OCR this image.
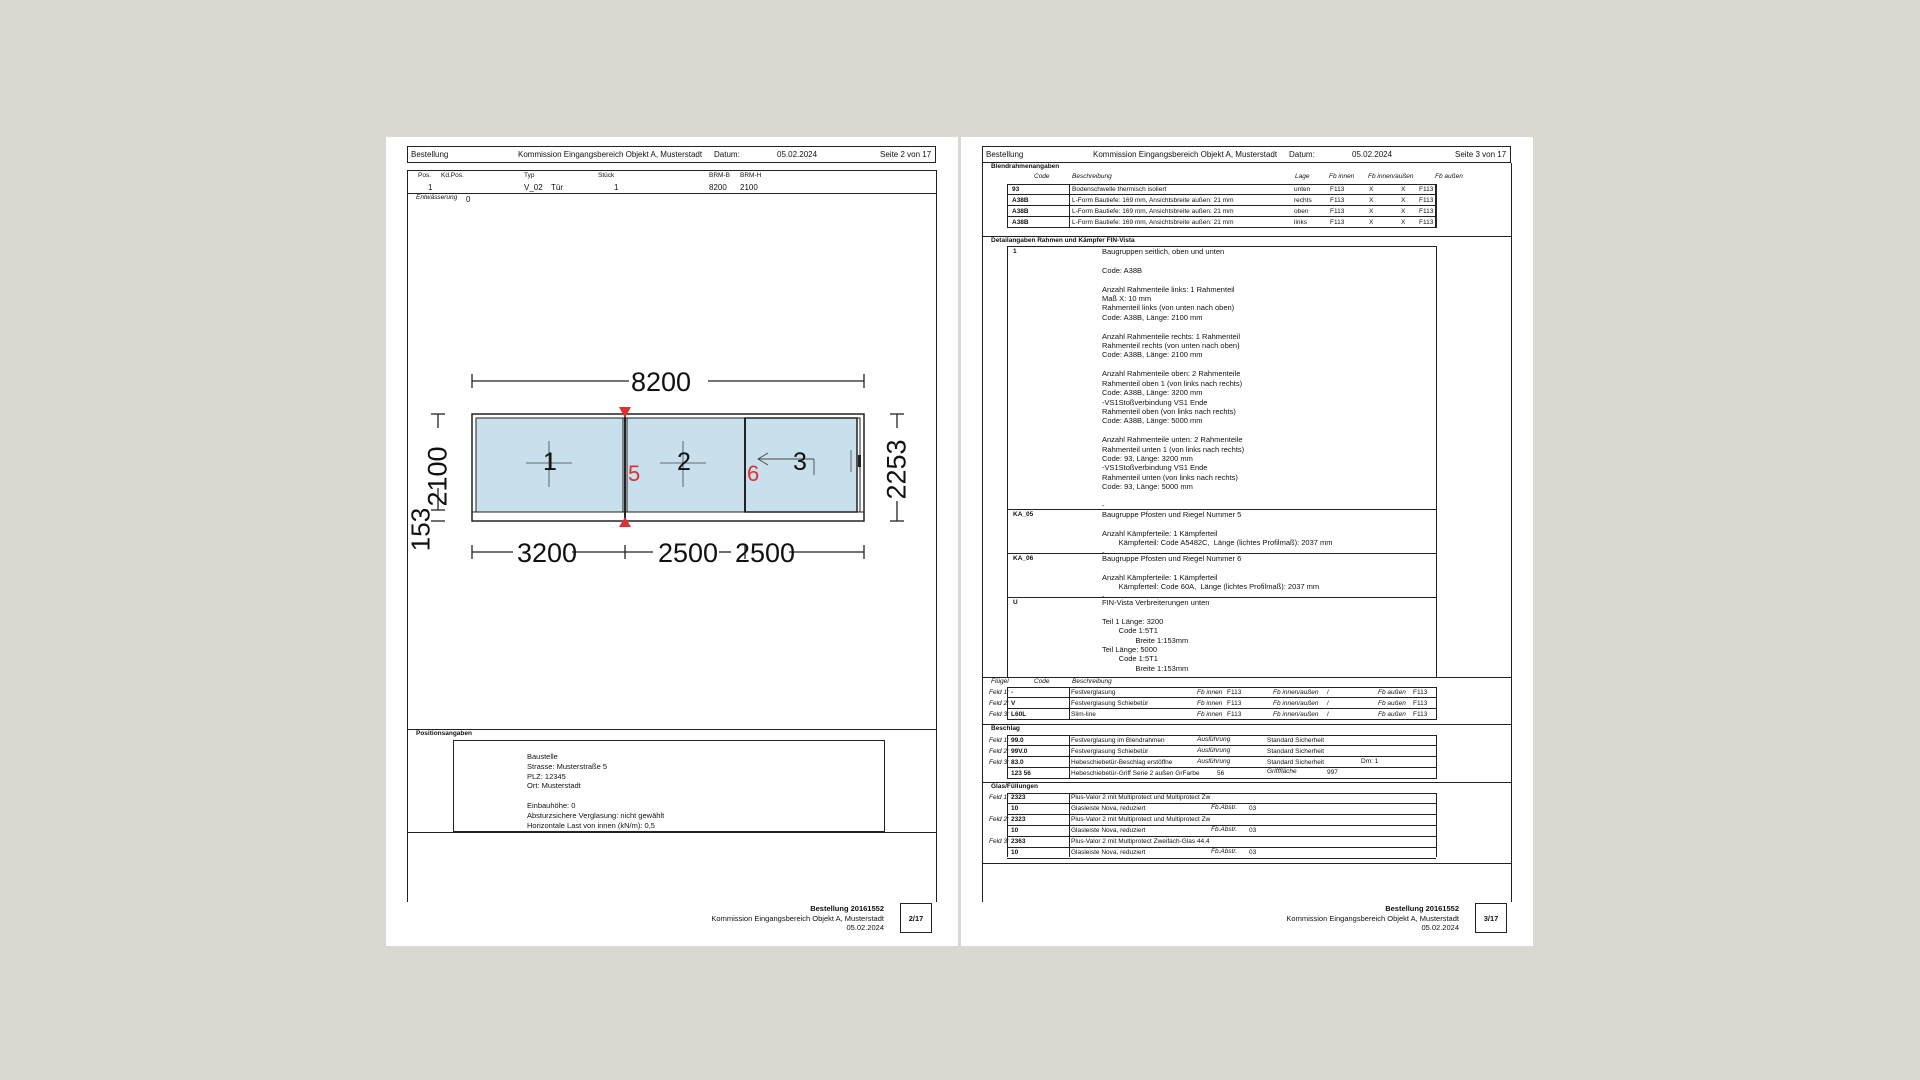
Bestellung	Kommission Eingangsbereich Objekt A, Musterstadt Datum:	05.02.2024	Seite 2 von 17
Pos. Kd.Pos.	Typ	Stück	BRM-B BRM-H
1	V_02 Tür	1	8200 2100
Entwässerung 0
8200
2100
153
2253
3200	2500 2500
1	2	3
5	6
Positionsangaben
Baustelle
Strasse: Musterstraße 5
PLZ: 12345
Ort: Musterstadt
Einbauhöhe: 0
Absturzsichere Verglasung: nicht gewählt
Horizontale Last von innen (kN/m): 0,5
Bestellung 20161552
Kommission Eingangsbereich Objekt A, Musterstadt
05.02.2024
2/17
Bestellung	Kommission Eingangsbereich Objekt A, Musterstadt Datum:	05.02.2024	Seite 3 von 17
Blendrahmenangaben
Code	Beschreibung	Lage	Fb innen Fb innen/außen	Fb außen
93	Bodenschwelle thermisch isoliert	unten	F113	X	X F113
A38B	L-Form Bautiefe: 169 mm, Ansichtsbreite außen: 21 mm	rechts	F113	X	X F113
A38B	L-Form Bautiefe: 169 mm, Ansichtsbreite außen: 21 mm	oben	F113	X	X F113
A38B	L-Form Bautiefe: 169 mm, Ansichtsbreite außen: 21 mm	links	F113	X	X F113
Detailangaben Rahmen und Kämpfer FIN-Vista
1	Baugruppen seitlich, oben und unten

Code: A38B

Anzahl Rahmenteile links: 1 Rahmenteil
Maß X: 10 mm
Rahmenteil links (von unten nach oben)
Code: A38B, Länge: 2100 mm

Anzahl Rahmenteile rechts: 1 Rahmenteil
Rahmenteil rechts (von unten nach oben)
Code: A38B, Länge: 2100 mm

Anzahl Rahmenteile oben: 2 Rahmenteile
Rahmenteil oben 1 (von links nach rechts)
Code: A38B, Länge: 3200 mm
-VS1Stoßverbindung VS1 Ende
Rahmenteil oben (von links nach rechts)
Code: A38B, Länge: 5000 mm

Anzahl Rahmenteile unten: 2 Rahmenteile
Rahmenteil unten 1 (von links nach rechts)
Code: 93, Länge: 3200 mm
-VS1Stoßverbindung VS1 Ende
Rahmenteil unten (von links nach rechts)
Code: 93, Länge: 5000 mm

-
KA_05	Baugruppe Pfosten und Riegel Nummer 5

Anzahl Kämpferteile: 1 Kämpferteil
Kämpferteil: Code A5482C,  Länge (lichtes Profilmaß): 2037 mm
-
KA_06	Baugruppe Pfosten und Riegel Nummer 6

Anzahl Kämpferteile: 1 Kämpferteil
Kämpferteil: Code 60A,  Länge (lichtes Profilmaß): 2037 mm
-
U	FIN-Vista Verbreiterungen unten

Teil 1 Länge: 3200
Code 1:5T1
Breite 1:153mm
Teil Länge: 5000
Code 1:5T1
Breite 1:153mm
Flügel	Code	Beschreibung
Feld 1: -	Festverglasung	Fb innen F113	Fb innen/außen /	Fb außen F113
Feld 2: V	Festverglasung Schiebetür	Fb innen F113	Fb innen/außen /	Fb außen F113
Feld 3: L60L	Slim-line	Fb innen F113	Fb innen/außen /	Fb außen F113
Beschlag
Feld 1: 99.0	Festverglasung im Blendrahmen	Ausführung	Standard Sicherheit
Feld 2: 99V.0	Festverglasung Schiebetür	Ausführung	Standard Sicherheit
Feld 3: 83.0	Hebeschiebetür-Beschlag erstöffne	Ausführung	Standard Sicherheit	Dm: 1
123 56	Hebeschiebetür-Griff Serie 2 außen GrFarbe	56	Grifffläche	997
Glas/Füllungen
Feld 1: 2323	Plus-Valor 2 mit Multiprotect und Multiprotect Zw
10	Glasleiste Nova, reduziert	Fb.Abstr. 03
Feld 2: 2323	Plus-Valor 2 mit Multiprotect und Multiprotect Zw
10	Glasleiste Nova, reduziert	Fb.Abstr. 03
Feld 3: 2363	Plus-Valor 2 mit Multiprotect Zweifach-Glas 44.4
10	Glasleiste Nova, reduziert	Fb.Abstr. 03
Bestellung 20161552
Kommission Eingangsbereich Objekt A, Musterstadt
05.02.2024
3/17
